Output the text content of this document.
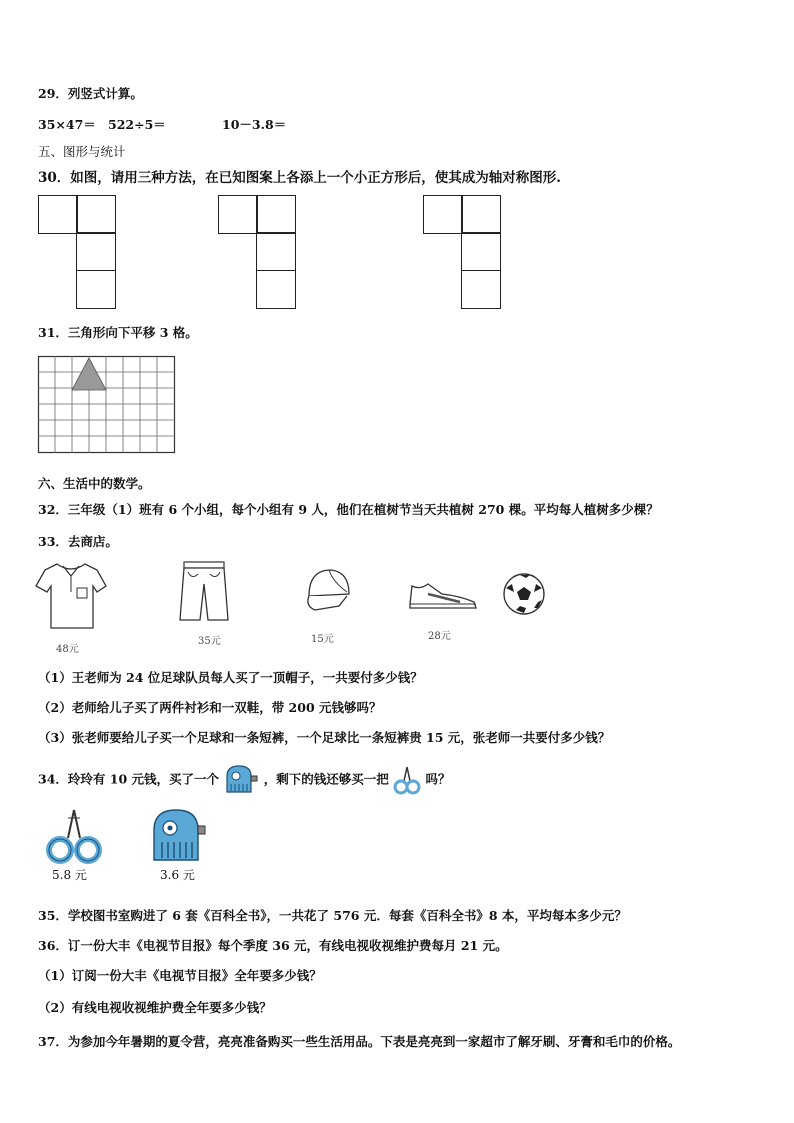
29．列竖式计算。
35×47＝ 522÷5＝	10－3.8＝
五、图形与统计
30．如图，请用三种方法，在已知图案上各添上一个小正方形后，使其成为轴对称图形.
31．三角形向下平移 3 格。
六、生活中的数学。
32．三年级（1）班有 6 个小组，每个小组有 9 人，他们在植树节当天共植树 270 棵。平均每人植树多少棵？
33．去商店。
48元
35元	15元	28元
（1）王老师为 24 位足球队员每人买了一顶帽子，一共要付多少钱？
（2）老师给儿子买了两件衬衫和一双鞋，带 200 元钱够吗？
（3）张老师要给儿子买一个足球和一条短裤，一个足球比一条短裤贵 15 元，张老师一共要付多少钱？
34．玲玲有 10 元钱，买了一个	，剩下的钱还够买一把	吗？
5.8 元	3.6 元
35．学校图书室购进了 6 套《百科全书》，一共花了 576 元．每套《百科全书》8 本，平均每本多少元？
36．订一份大丰《电视节目报》每个季度 36 元，有线电视收视维护费每月 21 元。
（1）订阅一份大丰《电视节目报》全年要多少钱？
（2）有线电视收视维护费全年要多少钱？
37．为参加今年暑期的夏令营，亮亮准备购买一些生活用品。下表是亮亮到一家超市了解牙刷、牙膏和毛巾的价格。
